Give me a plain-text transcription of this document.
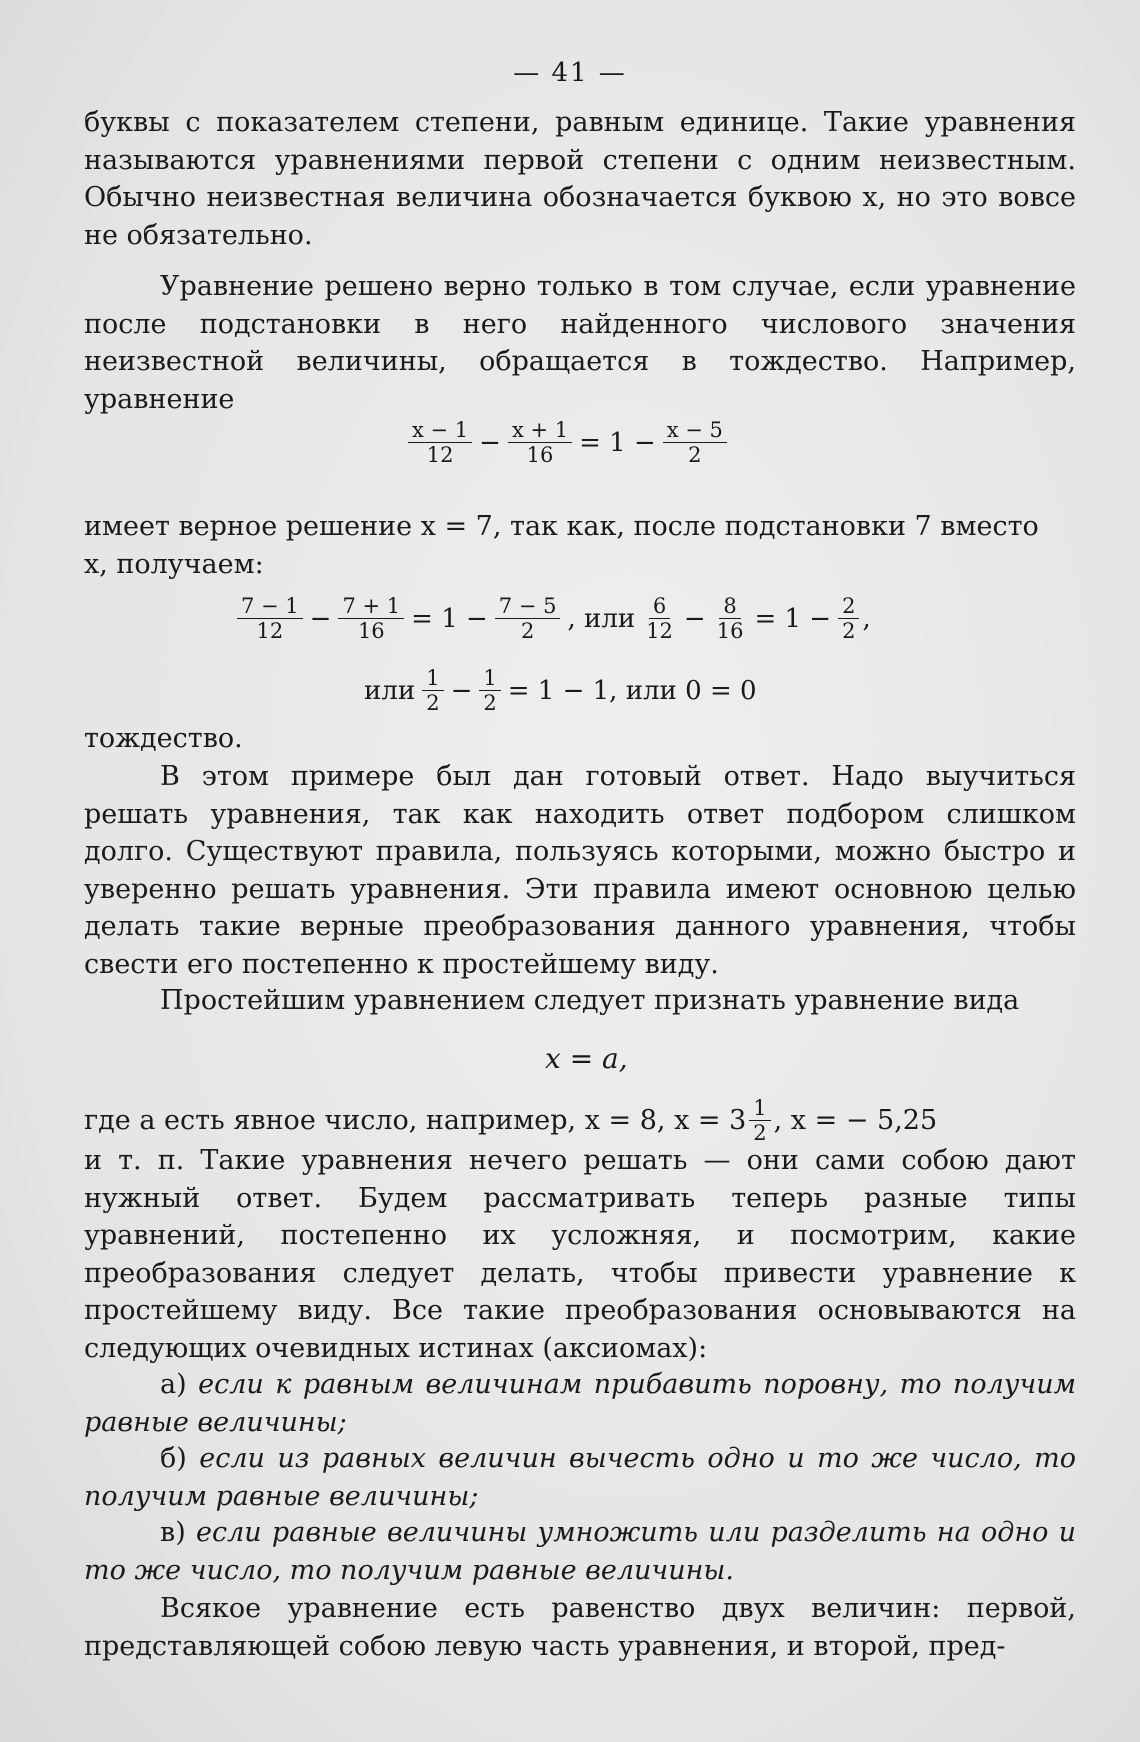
— 41 —

буквы с показателем степени, равным единице. Такие уравнения называются уравнениями первой степени с одним неизвестным. Обычно неизвестная величина обозначается буквою x, но это вовсе не обязательно.

Уравнение решено верно только в том случае, если уравнение после подстановки в него найденного числового значения неизвестной величины, обращается в тождество. Например, уравнение

$\frac{x - 1}{12} - \frac{x + 1}{16} = 1 - \frac{x - 5}{2}$

имеет верное решение x = 7, так как, после подстановки 7 вместо
x, получаем:

$\frac{7 - 1}{12} - \frac{7 + 1}{16} = 1 - \frac{7 - 5}{2}$ , или $\frac{6}{12} - \frac{8}{16} = 1 - \frac{2}{2}$ ,
или $\frac{1}{2} - \frac{1}{2} = 1 - 1$, или 0 = 0

тождество.

В этом примере был дан готовый ответ. Надо выучиться решать уравнения, так как находить ответ подбором слишком долго. Существуют правила, пользуясь которыми, можно быстро и уверенно решать уравнения. Эти правила имеют основною целью делать такие верные преобразования данного уравнения, чтобы свести его постепенно к простейшему виду.

Простейшим уравнением следует признать уравнение вида

x = a,
где a есть явное число, например, x = 8, $x = 3 \frac{1}{2}$ , x = − 5,25

и т. п. Такие уравнения нечего решать — они сами собою дают нужный ответ. Будем рассматривать теперь разные типы уравнений, постепенно их усложняя, и посмотрим, какие преобразования следует делать, чтобы привести уравнение к простейшему виду. Все такие преобразования основываются на следующих очевидных истинах (аксиомах):

а) если к равным величинам прибавить поровну, то получим равные величины;

б) если из равных величин вычесть одно и то же число, то получим равные величины;

в) если равные величины умножить или разделить на одно и то же число, то получим равные величины.

Всякое уравнение есть равенство двух величин: первой, представляющей собою левую часть уравнения, и второй, пред-
